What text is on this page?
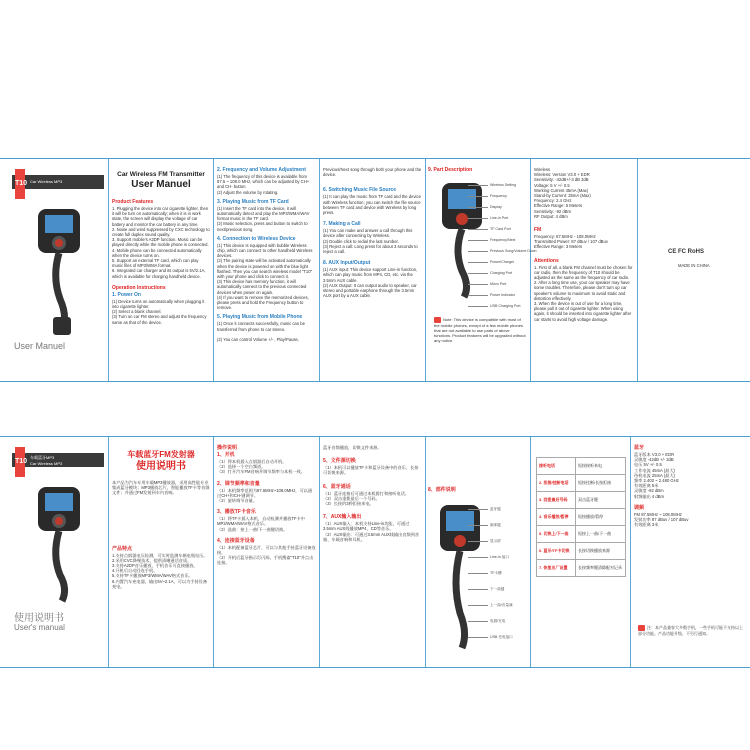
T10 Car Wireless MP3
User Manuel
Car Wireless FM Transmitter
User Manuel
Product Features
1. Plugging the device into car cigarette lighter, then it will be turn on automatically; when it is in work state, the screen will display the voltage of car battery and monitor the car battery in any time.
2. Noise and wind suppressed by CXC technology to create full duplex sound quality.
3. Support mobile's A2DP function. Music can be played directly while the mobile phone is connected.
4. Mobile phone can be connected automatically when the device turns on.
5. Support an external TF card, which can play music files of MP3/WMA format.
6. Integrated car charger and its output is 5V/2.1A, which is available for charging handheld device.
Operation Instructions
1. Power On
(1) Device turns on automatically when plugging it into cigarette lighter.
(2) Select a blank channel.
(3) Turn on car FM stereo and adjust the frequency same as that of the device.
2. Frequency and Volume Adjustment
(1) The frequency of this device is available from 87.5 ~ 108.0 MHz, which can be adjusted by CH+ and CH- button.
(2) Adjust the volume by rotating.
3. Playing Music from TF Card
(1) Insert the TF card into the device, it will automatically detect and play the MP3/WMA/WAV format music in the TF card.
(2) Music selection, press and button to switch to next/previous song.
4. Connection to Wireless Device
(1) This device is equipped with bubble Wireless chip, which can connect to other handheld Wireless devices.
(2) The pairing state will be activated automatically when the device is powered on with the blue light flashed. Then you can search wireless model "T10" with your phone and click to connect it.
(3) This device has memory function, it will automatically connect to the previous connected devices when power on again.
(4) If you want to remove the memorized devices, please press and hold the Frequency button to remove.
5. Playing Music from Mobile Phone
(1) Once it connects successfully, music can be transferred from phone to car stereo.

(2) You can control Volume +/- , Play/Pause,
Previous/Next song through both your phone and the device.
6. Switching Music File Source
(1) It can play the music from TF card and the device with Wireless function; you can switch the file source between TF card and device with Wireless by long press.
7. Making a Call
(1) You can make and answer a call through this device after connecting by Wireless.
(2) Double click to redial the last number.
(3) Reject a call: Long press for about 3 seconds to reject a call.
8. AUX Input/Output
(1) AUX input: This device support Line-in function, which can play music from MP4, CD, etc. via the 3.5mm AUX cable.
(2) AUX Output: It can output audio to speaker, car stereo and portable earphone through the 3.5mm AUX port by a AUX cable.
9. Part Description
Wireless Setting
Frequency
Display
Line-in Port
TF Card Port
Frequency/Next
Previous Song/Volume Down
Power/Charger
Charging Port
Micro Port
Power Indicator
USB Charging Port
Note: This device is compatible with most of the mobile phones, except of a few mobile phones that are not available to use parts of above functions. Product features will be upgraded without any notice.
Wireless
Wireless: Version V3.0 + EDR
Sensitivity: -42dB+/-3 dB 3dB
Voltage: 5 V +/- 0.5
Working Current 45mA (Max)
Stand-by Current: 25mA (Max)
Frequency: 2.4 GHz
Effective Range: 5 Meters
Sensitivity: -92 dBm
RF Output: 4 dBm
FM
Frequency: 87.5MHz - 108.0MHz
Transmitted Power: 87 dBuv / 107 dBuv
Effective Range: 3 Meters
Attentions
1. First of all, a blank FM channel must be chosen for car radio, then the frequency of T10 should be adjusted as the same as the frequency of car radio.
2. After a long time use, your car speaker may have some troubles. Therefore, please don't turn up car speaker's volume to maximum to avoid static and distortion effectively.
3. When the device is out of use for a long time, please pull it out of cigarette lighter. When using again, it should be inserted into cigarette lighter after car starts to avoid high voltage damage.
CE FC RoHS
MADE IN CHINA
T10
车载蓝牙MP3
Car Wireless MP3
使用说明书
User's manual
车载蓝牙FM发射器
使用说明书
本产品为汽车专用车载MP3播放器，采用高性能专业集成蓝牙模块；MP3播放芯片，智能播放TF卡等音频文件；并通过FM发射到车内音响。
产品特点
1.支持点烟器电压检测，可实时监测车辆电瓶电压。
2.采用CVC降噪技术，提供清晰通话音质。
3.支持A2DP音乐播放，手机音乐可直接播放。
4.开机后自动回连手机。
5.支持TF卡播放MP3/WMA/WAV格式音乐。
6.内置汽车充电器，输出5V~2.1A，可以为手持设备充电。
操作说明
1、开机
（1）将本机插入点烟器后自动开机。
（2）选择一个空白频道。
（3）打开汽车FM音响并调节频率与本机一致。
2、调节频率和音量
（1）本机频率范围为87.5MHz~108.0MHz，可以通过CH+和CH-键调节。
（2）旋转调节音量。
3、播放TF卡音乐
（1）将TF卡插入本机，自动检测并播放TF卡中MP3/WMA/WAV格式音乐。
（2）选曲：按上一曲/下一曲键切换。
4、连接蓝牙设备
（1）本机配备蓝牙芯片，可以与其他手持蓝牙设备连接。
（2）开机后蓝牙指示灯闪烁，手机搜索"T10"并点击连接。
蓝牙音频播放，切换文件来源。
5、文件源切换
（1）本机可以播放TF卡和蓝牙设备中的音乐，长按可切换来源。
6、蓝牙通话
（1）蓝牙连接后可通过本机拨打和接听电话。
（2）双击重拨最后一个号码。
（3）长按约3秒拒接来电。
7、AUX输入输出
（1）AUX输入：本机支持Line-in功能，可通过3.5mm AUX线播放MP4、CD等音乐。
（2）AUX输出：可通过3.5mm AUX线输出音频到音箱、车载音响和耳机。
8、部件说明
蓝牙键
频率键
显示屏
Line-in 接口
TF卡槽
下一曲键
上一曲/音量减
电源/充电
USB 充电接口
接听电话	短按接听来电
2. 拒接/挂断电话	短按挂断/长按拒接
3. 回拨最后号码	双击蓝牙键
4. 音乐播放/暂停	短按播放/暂停
5. 切换上/下一曲	短按上一曲/下一曲
6. 蓝牙/TF卡切换	长按切换播放来源
7. 恢复出厂设置	长按频率键清除配对记录
蓝牙
蓝牙版本 V3.0 + EDR
灵敏度 -42dB +/- 3dB
电压 5V +/- 0.5
工作电流 45mA (最大)
待机电流 25mA (最大)
频率 2.402 ~ 2.480 GHz
有效距离 5米
灵敏度 -92 dBm
射频输出 4 dBm
调频
FM 87.5MHz ~ 108.0MHz
发射功率 87 dBuv / 107 dBuv
有效距离 3米
注：本产品兼容大多数手机，一些手机可能不支持以上部分功能。产品功能升级，不另行通知。
